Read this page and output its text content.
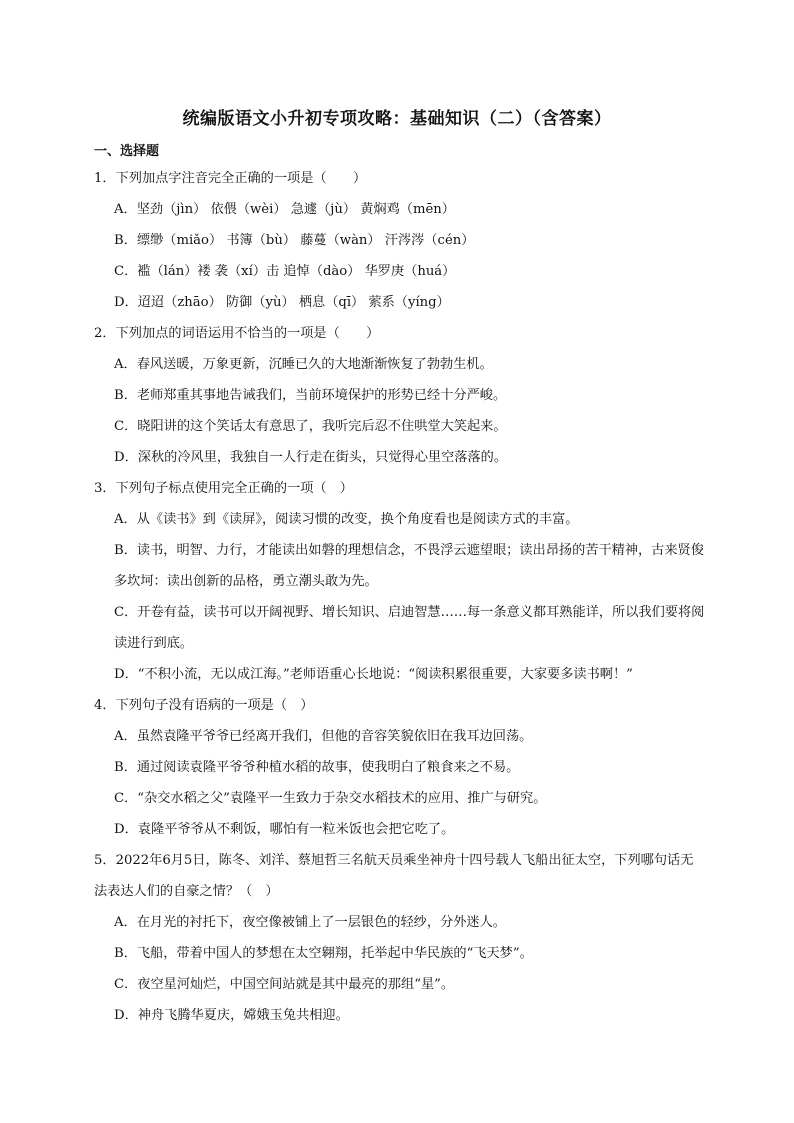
统编版语文小升初专项攻略：基础知识（二）（含答案）
一、选择题

1．下列加点字注音完全正确的一项是（　　）

A．坚劲（jìn） 依偎（wèi） 急遽（jù） 黄焖鸡（mēn）

B．缥缈（miǎo） 书簿（bù） 藤蔓（wàn） 汗涔涔（cén）

C．褴（lán）褛 袭（xí）击 追悼（dào） 华罗庚（huá）

D．迢迢（zhāo） 防御（yù） 栖息（qī） 萦系（yíng）

2．下列加点的词语运用不恰当的一项是（　　）

A．春风送暖，万象更新，沉睡已久的大地渐渐恢复了勃勃生机。

B．老师郑重其事地告诫我们，当前环境保护的形势已经十分严峻。

C．晓阳讲的这个笑话太有意思了，我听完后忍不住哄堂大笑起来。

D．深秋的冷风里，我独自一人行走在街头，只觉得心里空落落的。

3．下列句子标点使用完全正确的一项（　）

A．从《读书》到《读屏》，阅读习惯的改变，换个角度看也是阅读方式的丰富。

B．读书，明智、力行，才能读出如磐的理想信念，不畏浮云遮望眼；读出昂扬的苦干精神，古来贤俊多坎坷：读出创新的品格，勇立潮头敢为先。

C．开卷有益，读书可以开阔视野、增长知识、启迪智慧……每一条意义都耳熟能详，所以我们要将阅读进行到底。

D．“不积小流，无以成江海。”老师语重心长地说：“阅读积累很重要，大家要多读书啊！”

4．下列句子没有语病的一项是（　）

A．虽然袁隆平爷爷已经离开我们，但他的音容笑貌依旧在我耳边回荡。

B．通过阅读袁隆平爷爷种植水稻的故事，使我明白了粮食来之不易。

C．“杂交水稻之父”袁隆平一生致力于杂交水稻技术的应用、推广与研究。

D．袁隆平爷爷从不剩饭，哪怕有一粒米饭也会把它吃了。

5．2022年6月5日，陈冬、刘洋、蔡旭哲三名航天员乘坐神舟十四号载人飞船出征太空，下列哪句话无法表达人们的自豪之情？（　）

A．在月光的衬托下，夜空像被铺上了一层银色的轻纱，分外迷人。

B．飞船，带着中国人的梦想在太空翱翔，托举起中华民族的“飞天梦”。

C．夜空星河灿烂，中国空间站就是其中最亮的那组“星”。

D．神舟飞腾华夏庆，嫦娥玉兔共相迎。
